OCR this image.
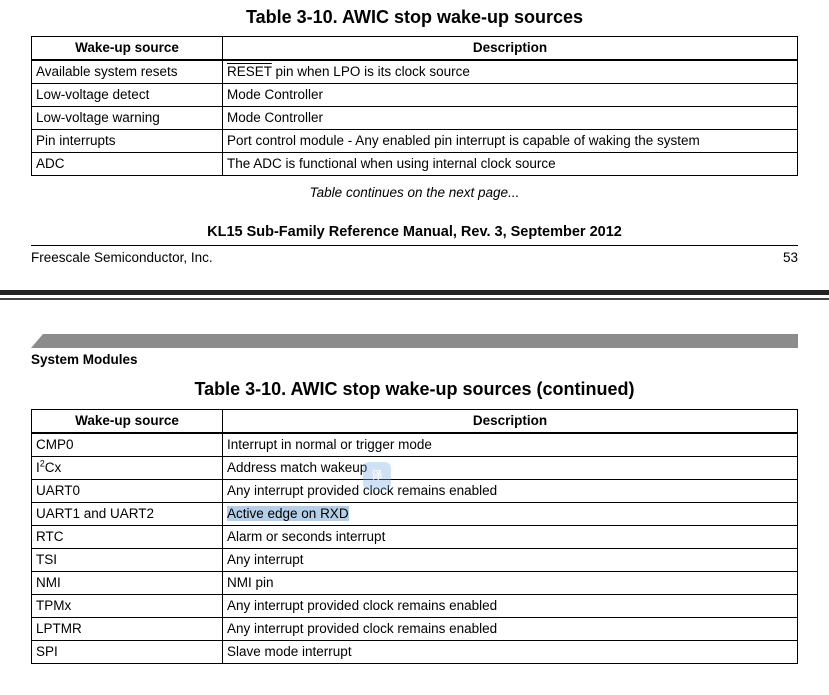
Table 3-10. AWIC stop wake-up sources
Wake-up source	Description
Available system resets	RESET pin when LPO is its clock source
Low-voltage detect	Mode Controller
Low-voltage warning	Mode Controller
Pin interrupts	Port control module - Any enabled pin interrupt is capable of waking the system
ADC	The ADC is functional when using internal clock source
Table continues on the next page...
KL15 Sub-Family Reference Manual, Rev. 3, September 2012
Freescale Semiconductor, Inc.	53
System Modules
Table 3-10. AWIC stop wake-up sources (continued)
Wake-up source	Description
CMP0	Interrupt in normal or trigger mode
$I^2Cx$	Address match wakeup
UART0	Any interrupt provided clock remains enabled
UART1 and UART2	Active edge on RXD
RTC	Alarm or seconds interrupt
TSI	Any interrupt
NMI	NMI pin
TPMx	Any interrupt provided clock remains enabled
LPTMR	Any interrupt provided clock remains enabled
SPI	Slave mode interrupt
译
